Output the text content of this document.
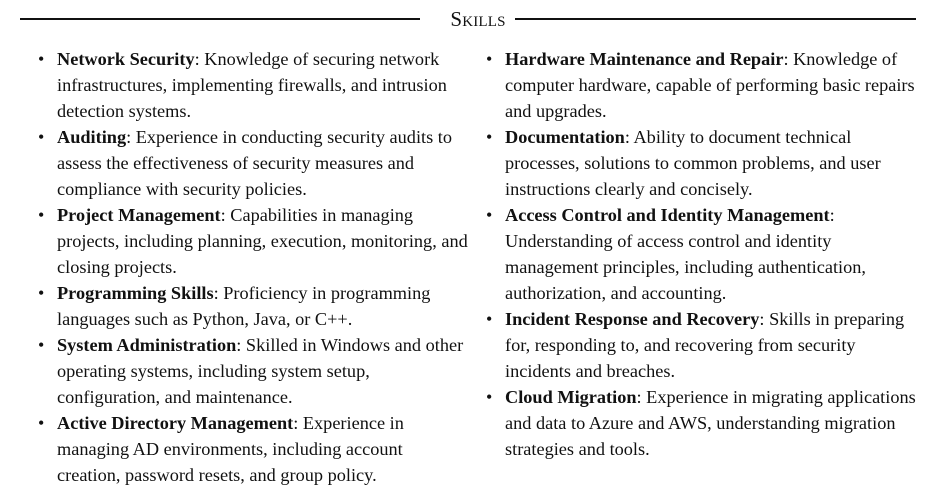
Skills
• Network Security: Knowledge of securing network infrastructures, implementing firewalls, and intrusion detection systems.
• Auditing: Experience in conducting security audits to assess the effectiveness of security measures and compliance with security policies.
• Project Management: Capabilities in managing projects, including planning, execution, monitoring, and closing projects.
• Programming Skills: Proficiency in programming languages such as Python, Java, or C++.
• System Administration: Skilled in Windows and other operating systems, including system setup, configuration, and maintenance.
• Active Directory Management: Experience in managing AD environments, including account creation, password resets, and group policy.
• Hardware Maintenance and Repair: Knowledge of computer hardware, capable of performing basic repairs and upgrades.
• Documentation: Ability to document technical processes, solutions to common problems, and user instructions clearly and concisely.
• Access Control and Identity Management: Understanding of access control and identity management principles, including authentication, authorization, and accounting.
• Incident Response and Recovery: Skills in preparing for, responding to, and recovering from security incidents and breaches.
• Cloud Migration: Experience in migrating applications and data to Azure and AWS, understanding migration strategies and tools.
